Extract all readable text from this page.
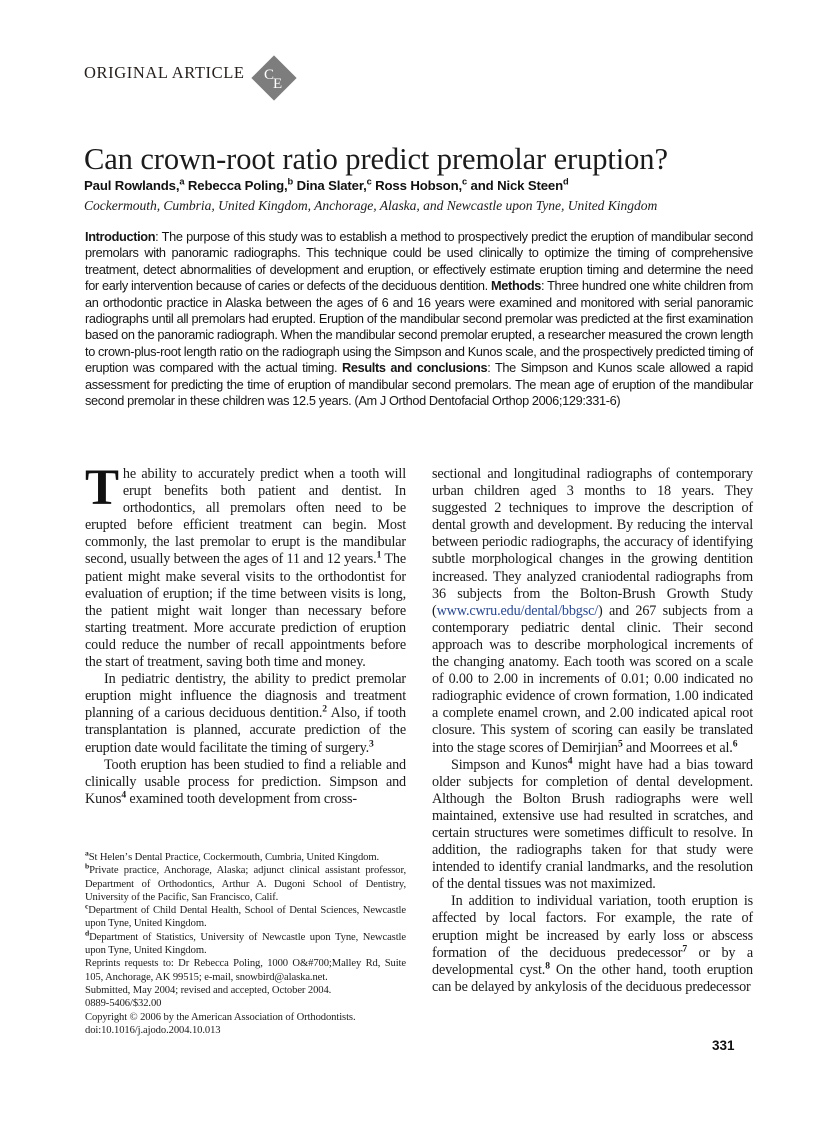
ORIGINAL ARTICLE C
E
Can crown-root ratio predict premolar eruption?
Paul Rowlands,$^a$ Rebecca Poling,$^b$ Dina Slater,$^c$ Ross Hobson,$^c$ and Nick Steen$^d$
Cockermouth, Cumbria, United Kingdom, Anchorage, Alaska, and Newcastle upon Tyne, United Kingdom
Introduction: The purpose of this study was to establish a method to prospectively predict the eruption of mandibular second premolars with panoramic radiographs. This technique could be used clinically to optimize the timing of comprehensive treatment, detect abnormalities of development and eruption, or effectively estimate eruption timing and determine the need for early intervention because of caries or defects of the deciduous dentition. Methods: Three hundred one white children from an orthodontic practice in Alaska between the ages of 6 and 16 years were examined and monitored with serial panoramic radiographs until all premolars had erupted. Eruption of the mandibular second premolar was predicted at the first examination based on the panoramic radiograph. When the mandibular second premolar erupted, a researcher measured the crown length to crown-plus-root length ratio on the radiograph using the Simpson and Kunos scale, and the prospectively predicted timing of eruption was compared with the actual timing. Results and conclusions: The Simpson and Kunos scale allowed a rapid assessment for predicting the time of eruption of mandibular second premolars. The mean age of eruption of the mandibular second premolar in these children was 12.5 years. (Am J Orthod Dentofacial Orthop 2006;129:331-6)

The ability to accurately predict when a tooth will erupt benefits both patient and dentist. In orthodontics, all premolars often need to be erupted before efficient treatment can begin. Most commonly, the last premolar to erupt is the mandibular second, usually between the ages of 11 and 12 years.$^1$ The patient might make several visits to the orthodontist for evaluation of eruption; if the time between visits is long, the patient might wait longer than necessary before starting treatment. More accurate prediction of eruption could reduce the number of recall appointments before the start of treatment, saving both time and money.

In pediatric dentistry, the ability to predict premolar eruption might influence the diagnosis and treatment planning of a carious deciduous dentition.$^2$ Also, if tooth transplantation is planned, accurate prediction of the eruption date would facilitate the timing of surgery.$^3$

Tooth eruption has been studied to find a reliable and clinically usable process for prediction. Simpson and Kunos$^4$ examined tooth development from cross-

sectional and longitudinal radiographs of contemporary urban children aged 3 months to 18 years. They suggested 2 techniques to improve the description of dental growth and development. By reducing the interval between periodic radiographs, the accuracy of identifying subtle morphological changes in the growing dentition increased. They analyzed craniodental radiographs from 36 subjects from the Bolton-Brush Growth Study (www.cwru.edu/dental/bbgsc/) and 267 subjects from a contemporary pediatric dental clinic. Their second approach was to describe morphological increments of the changing anatomy. Each tooth was scored on a scale of 0.00 to 2.00 in increments of 0.01; 0.00 indicated no radiographic evidence of crown formation, 1.00 indicated a complete enamel crown, and 2.00 indicated apical root closure. This system of scoring can easily be translated into the stage scores of Demirjian$^5$ and Moorrees et al.$^6$

Simpson and Kunos$^4$ might have had a bias toward older subjects for completion of dental development. Although the Bolton Brush radiographs were well maintained, extensive use had resulted in scratches, and certain structures were sometimes difficult to resolve. In addition, the radiographs taken for that study were intended to identify cranial landmarks, and the resolution of the dental tissues was not maximized.

In addition to individual variation, tooth eruption is affected by local factors. For example, the rate of eruption might be increased by early loss or abscess formation of the deciduous predecessor$^7$ or by a developmental cyst.$^8$ On the other hand, tooth eruption can be delayed by ankylosis of the deciduous predecessor

$^a$St Helenʼs Dental Practice, Cockermouth, Cumbria, United Kingdom.

$^b$Private practice, Anchorage, Alaska; adjunct clinical assistant professor, Department of Orthodontics, Arthur A. Dugoni School of Dentistry, University of the Pacific, San Francisco, Calif.

$^c$Department of Child Dental Health, School of Dental Sciences, Newcastle upon Tyne, United Kingdom.

$^d$Department of Statistics, University of Newcastle upon Tyne, Newcastle upon Tyne, United Kingdom.

Reprints requests to: Dr Rebecca Poling, 1000 O&#700;Malley Rd, Suite 105, Anchorage, AK 99515; e-mail, snowbird@alaska.net.

Submitted, May 2004; revised and accepted, October 2004.

0889-5406/$32.00

Copyright © 2006 by the American Association of Orthodontists.

doi:10.1016/j.ajodo.2004.10.013

331
